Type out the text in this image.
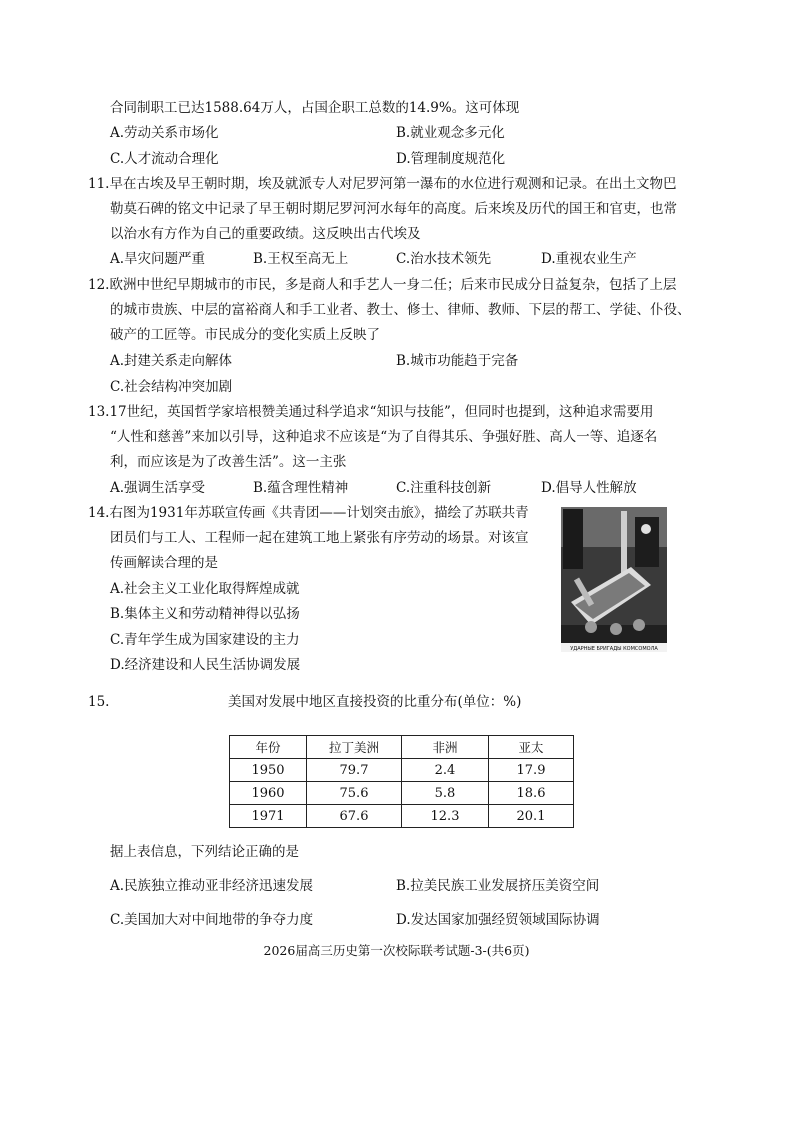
合同制职工已达1588.64万人，占国企职工总数的14.9%。这可体现
A.劳动关系市场化	B.就业观念多元化
C.人才流动合理化	D.管理制度规范化
11.早在古埃及早王朝时期，埃及就派专人对尼罗河第一瀑布的水位进行观测和记录。在出土文物巴
勒莫石碑的铭文中记录了早王朝时期尼罗河河水每年的高度。后来埃及历代的国王和官吏，也常
以治水有方作为自己的重要政绩。这反映出古代埃及
A.旱灾问题严重	B.王权至高无上	C.治水技术领先	D.重视农业生产
12.欧洲中世纪早期城市的市民，多是商人和手艺人一身二任；后来市民成分日益复杂，包括了上层
的城市贵族、中层的富裕商人和手工业者、教士、修士、律师、教师、下层的帮工、学徒、仆役、
破产的工匠等。市民成分的变化实质上反映了
A.封建关系走向解体	B.城市功能趋于完备
C.社会结构冲突加剧
13.17世纪，英国哲学家培根赞美通过科学追求“知识与技能”，但同时也提到，这种追求需要用
“人性和慈善”来加以引导，这种追求不应该是“为了自得其乐、争强好胜、高人一等、追逐名
利，而应该是为了改善生活”。这一主张
A.强调生活享受	B.蕴含理性精神	C.注重科技创新	D.倡导人性解放
14.右图为1931年苏联宣传画《共青团——计划突击旅》，描绘了苏联共青
团员们与工人、工程师一起在建筑工地上紧张有序劳动的场景。对该宣
传画解读合理的是
A.社会主义工业化取得辉煌成就
B.集体主义和劳动精神得以弘扬
C.青年学生成为国家建设的主力
D.经济建设和人民生活协调发展
УДАРНЫЕ БРИГАДЫ КОМСОМОЛА
15.	美国对发展中地区直接投资的比重分布(单位：%)
年份	拉丁美洲	非洲	亚太
1950	79.7	2.4	17.9
1960	75.6	5.8	18.6
1971	67.6	12.3	20.1
据上表信息，下列结论正确的是
A.民族独立推动亚非经济迅速发展	B.拉美民族工业发展挤压美资空间
C.美国加大对中间地带的争夺力度	D.发达国家加强经贸领域国际协调
2026届高三历史第一次校际联考试题-3-(共6页)
